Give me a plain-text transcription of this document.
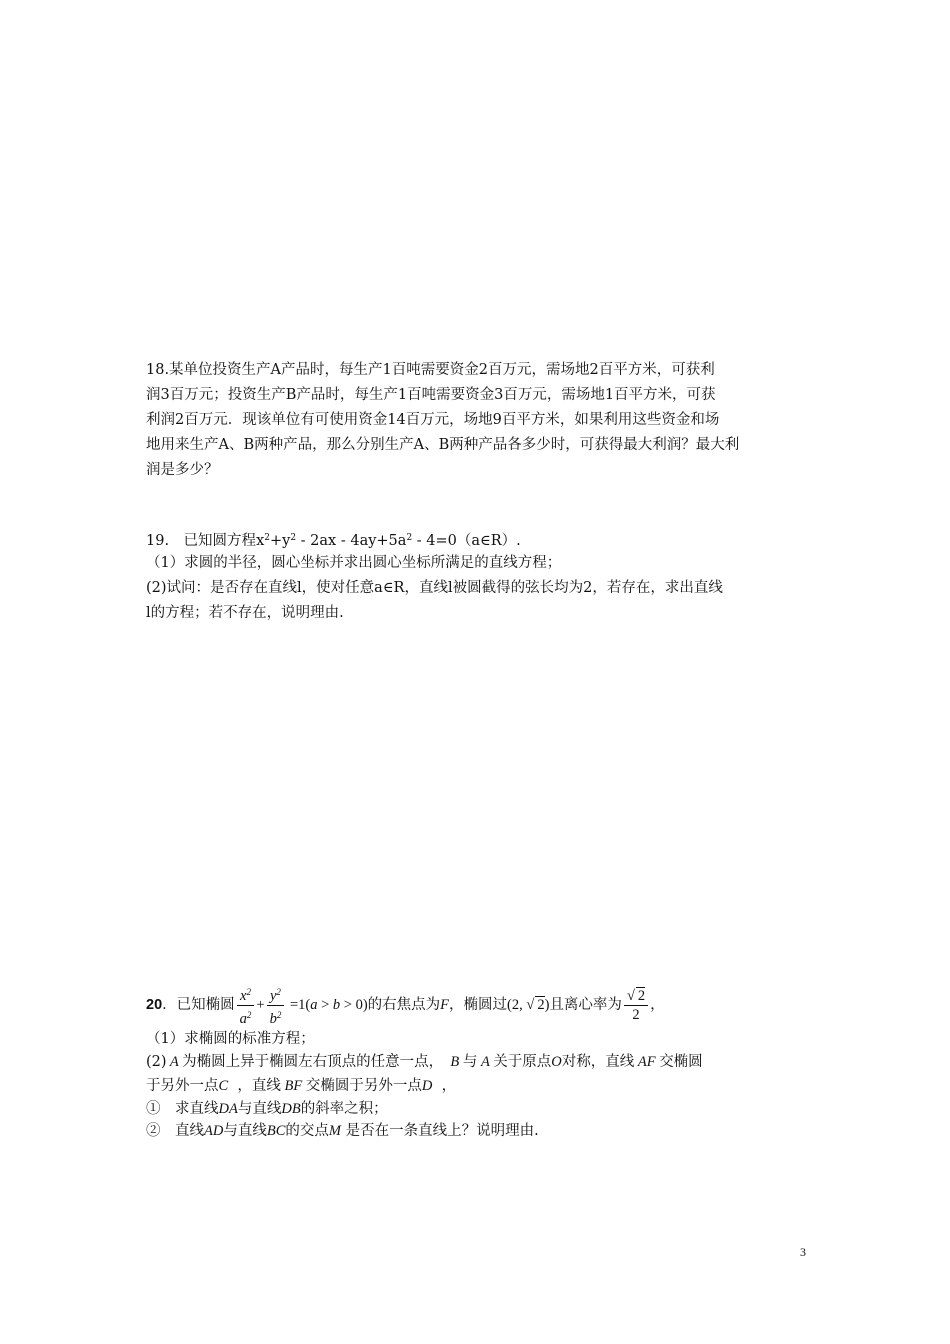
18.某单位投资生产A产品时，每生产1百吨需要资金2百万元，需场地2百平方米，可获利
润3百万元；投资生产B产品时，每生产1百吨需要资金3百万元，需场地1百平方米，可获
利润2百万元．现该单位有可使用资金14百万元，场地9百平方米，如果利用这些资金和场
地用来生产A、B两种产品，那么分别生产A、B两种产品各多少时，可获得最大利润？最大利
润是多少？
19.　已知圆方程$x^2+y^2 - 2ax - 4ay+5a^2$ - 4=0（a∈R）.
（1）求圆的半径，圆心坐标并求出圆心坐标所满足的直线方程；
(2)试问：是否存在直线l，使对任意a∈R，直线l被圆截得的弦长均为2，若存在，求出直线
l的方程；若不存在，说明理由.
20．已知椭圆 $\frac{x^2}{a^2} + \frac{y^2}{b^2} =1(a > b > 0)$的右焦点为F，椭圆过(2, √ 2)且离心率为 $\frac{√ 2}{2}$ ，
（1）求椭圆的标准方程；
(2) A 为椭圆上异于椭圆左右顶点的任意一点，  B 与 A 关于原点O对称，直线 AF 交椭圆
于另外一点C ，直线 BF 交椭圆于另外一点D ，
①　求直线DA与直线DB的斜率之积；
②　直线AD与直线BC的交点M 是否在一条直线上？说明理由.
3
